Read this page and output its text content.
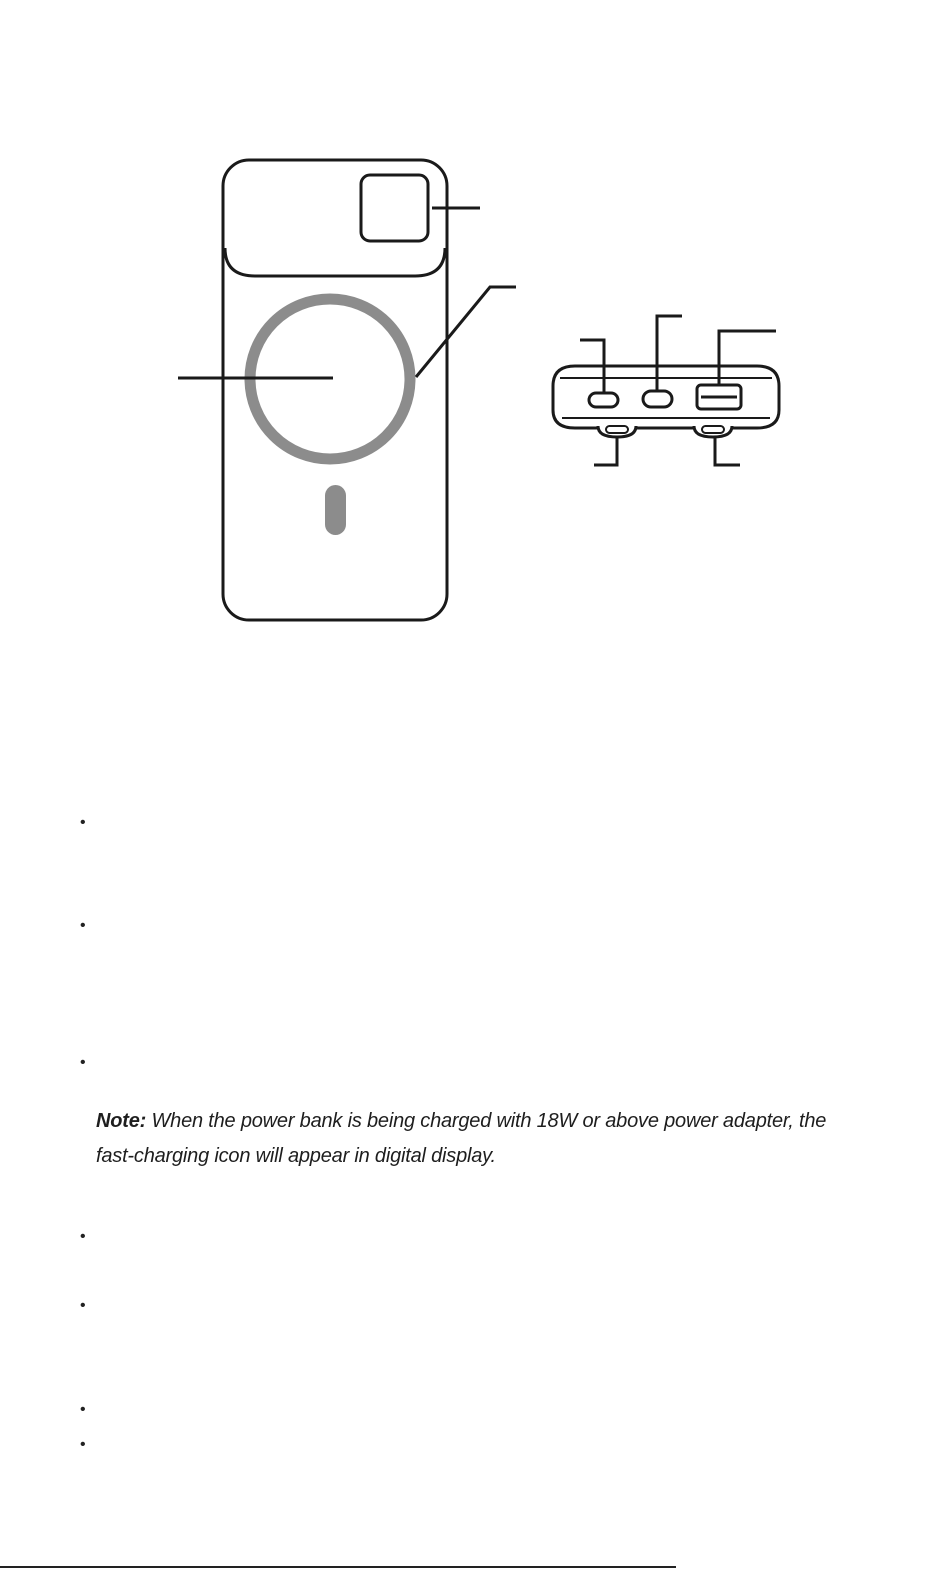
•
•
•
•
•
•
•

Note: When the power bank is being charged with 18W or above power adapter, the fast-charging icon will appear in digital display.
